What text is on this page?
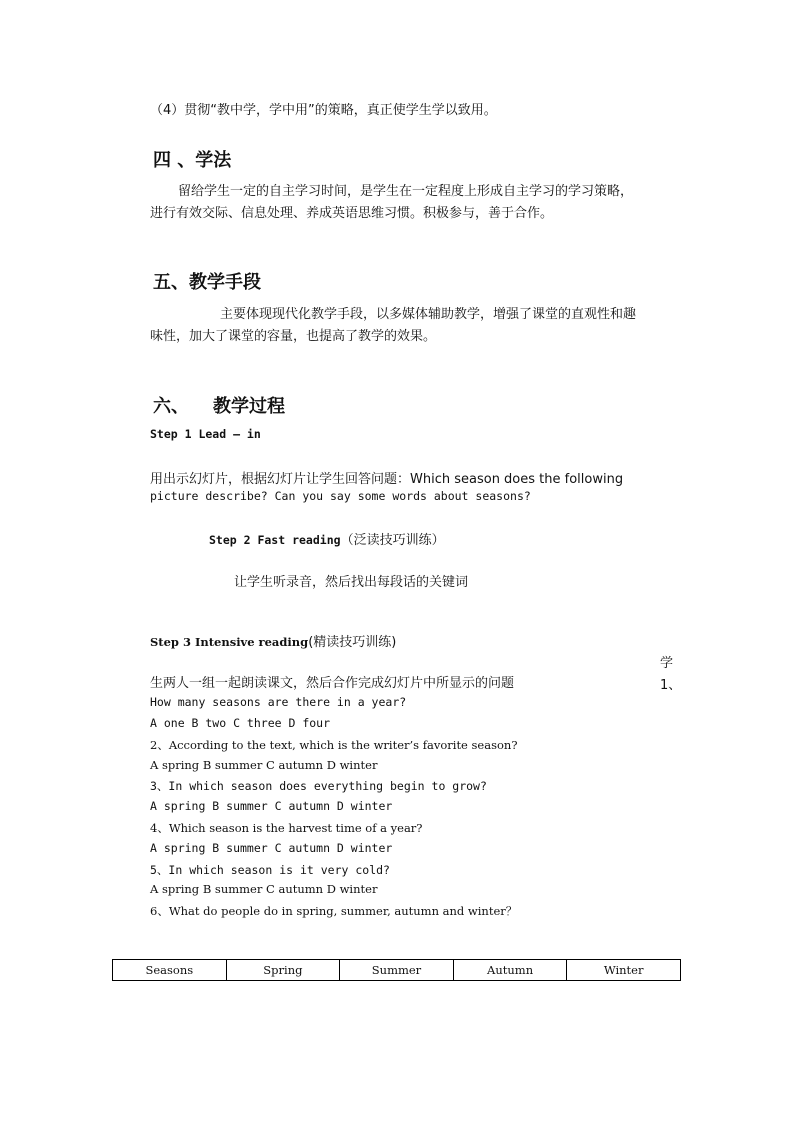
（4）贯彻“教中学，学中用”的策略，真正使学生学以致用。
四 、学法
留给学生一定的自主学习时间，是学生在一定程度上形成自主学习的学习策略，
进行有效交际、信息处理、养成英语思维习惯。积极参与，善于合作。
五、教学手段
主要体现现代化教学手段，以多媒体辅助教学，增强了课堂的直观性和趣
味性，加大了课堂的容量，也提高了教学的效果。
六、 教学过程
Step 1 Lead – in
用出示幻灯片，根据幻灯片让学生回答问题：Which season does the following
picture describe? Can you say some words about seasons?
Step 2 Fast reading（泛读技巧训练）
让学生听录音，然后找出每段话的关键词
Step 3 Intensive reading(精读技巧训练)
学
1、
生两人一组一起朗读课文，然后合作完成幻灯片中所显示的问题
How many seasons are there in a year?
A one B two C three D four
2、According to the text, which is the writer’s favorite season?
A spring B summer C autumn D winter
3、In which season does everything begin to grow?
A spring B summer C autumn D winter
4、Which season is the harvest time of a year?
A spring B summer C autumn D winter
5、In which season is it very cold?
A spring B summer C autumn D winter
6、What do people do in spring, summer, autumn and winter？
Seasons	Spring	Summer	Autumn	Winter
